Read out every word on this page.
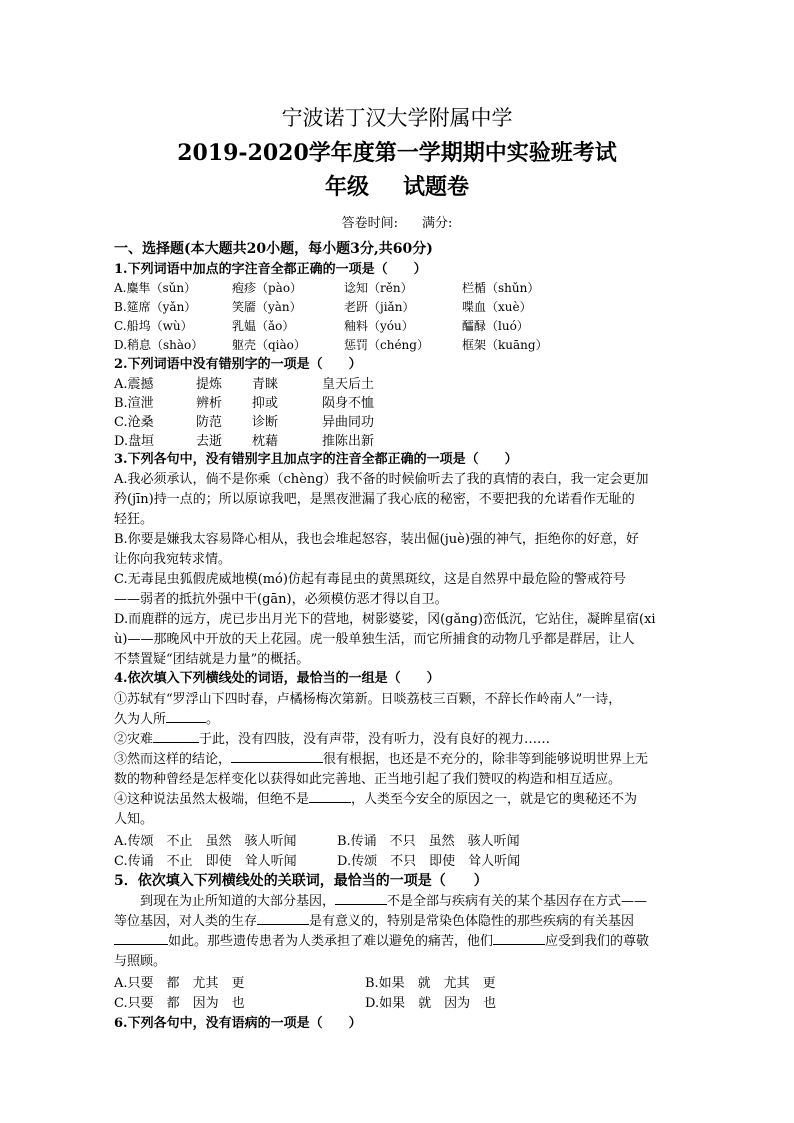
宁波诺丁汉大学附属中学
2019-2020学年度第一学期期中实验班考试
年级 试题卷
答卷时间: 满分:
一、选择题(本大题共20小题，每小题3分,共60分)
1.下列词语中加点的字注音全都正确的一项是（　　）
A.麋隼（sǔn）	疱疹（pào）	谂知（rěn）	栏楯（shǔn）
B.筵席（yǎn）	笑靥（yàn）	老趼（jiǎn）	喋血（xuè）
C.船坞（wù）	乳媪（ǎo）	釉料（yóu）	醽醁（luó）
D.稍息（shào） 躯壳（qiào）	惩罚（chéng）	框架（kuāng）
2.下列词语中没有错别字的一项是（　　）
A.震撼	提炼 青睐	皇天后土
B.渲泄	辨析 抑或	陨身不恤
C.沧桑	防范 诊断	异曲同功
D.盘垣	去逝 枕藉	推陈出新
3.下列各句中，没有错别字且加点字的注音全都正确的一项是（　　）
A.我必须承认，倘不是你乘（chèng）我不备的时候偷听去了我的真情的表白，我一定会更加
矜(jīn)持一点的；所以原谅我吧，是黑夜泄漏了我心底的秘密，不要把我的允诺看作无耻的
轻狂。
B.你要是嫌我太容易降心相从，我也会堆起怒容，装出倔(juè)强的神气，拒绝你的好意，好
让你向我宛转求情。
C.无毒昆虫狐假虎威地模(mó)仿起有毒昆虫的黄黑斑纹，这是自然界中最危险的警戒符号
——弱者的抵抗外强中干(gān)，必须模仿恶才得以自卫。
D.而鹿群的远方，虎已步出月光下的营地，树影婆娑，冈(gǎng)峦低沉，它站住，凝眸星宿(xi
ù)——那晚风中开放的天上花园。虎一般单独生活，而它所捕食的动物几乎都是群居，让人
不禁置疑“团结就是力量”的概括。
4.依次填入下列横线处的词语，最恰当的一组是（　　）
①苏轼有“罗浮山下四时春，卢橘杨梅次第新。日啖荔枝三百颗，不辞长作岭南人”一诗，
久为人所	。
②灾难	于此，没有四肢，没有声带，没有听力，没有良好的视力……
③然而这样的结论，	很有根据，也还是不充分的，除非等到能够说明世界上无
数的物种曾经是怎样变化以获得如此完善地、正当地引起了我们赞叹的构造和相互适应。
④这种说法虽然太极端，但绝不是	，人类至今安全的原因之一，就是它的奥秘还不为
人知。
A.传颂　不止　虽然　骇人听闻	B.传诵　不只　虽然　骇人听闻
C.传诵　不止　即使　耸人听闻	D.传颂　不只　即使　耸人听闻
5．依次填入下列横线处的关联词，最恰当的一项是（　　）
到现在为止所知道的大部分基因，	不是全部与疾病有关的某个基因存在方式——
等位基因，对人类的生存	是有意义的，特别是常染色体隐性的那些疾病的有关基因
如此。那些遗传患者为人类承担了难以避免的痛苦，他们	应受到我们的尊敬
与照顾。
A.只要　都　尤其　更	B.如果　就　尤其　更
C.只要　都　因为　也	D.如果　就　因为　也
6.下列各句中，没有语病的一项是（　　）
